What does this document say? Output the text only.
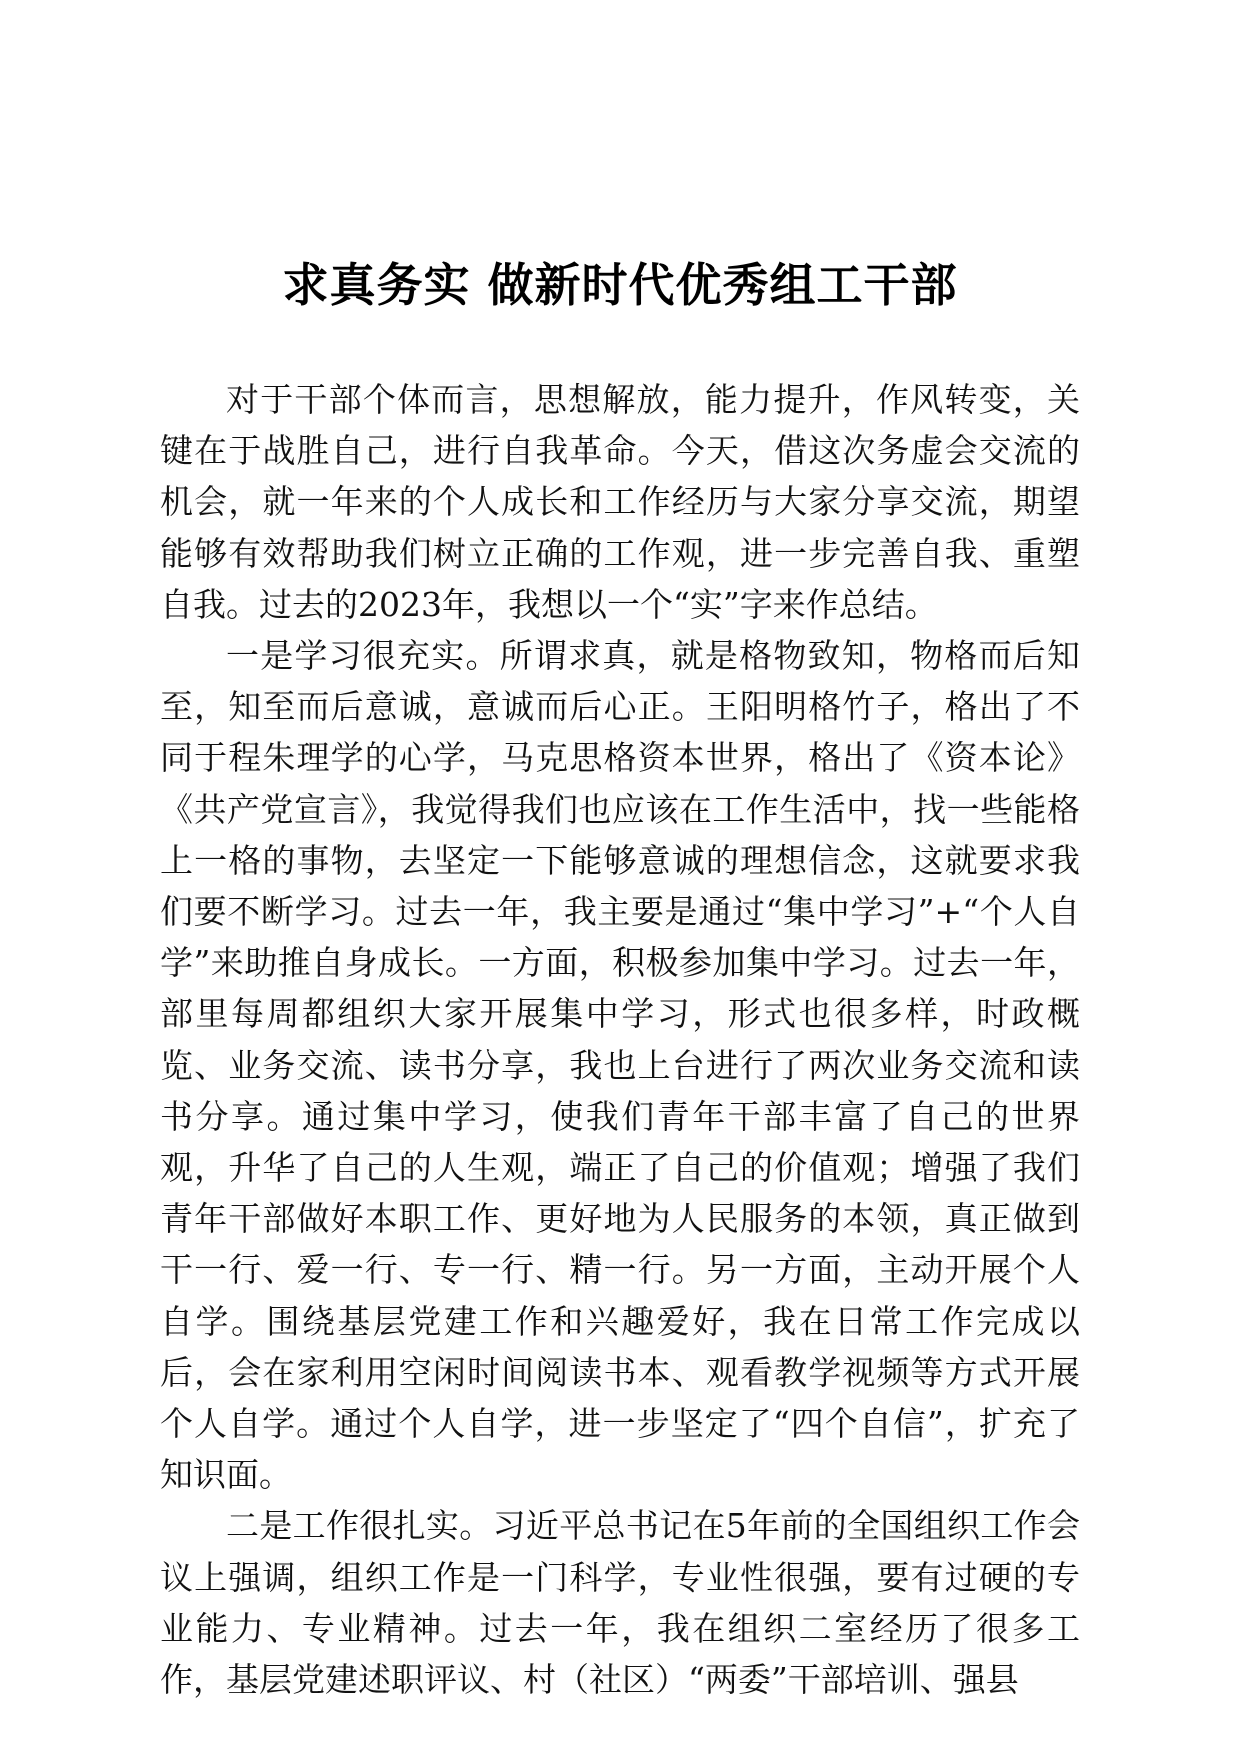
求真务实 做新时代优秀组工干部

对于干部个体而言，思想解放，能力提升，作风转变，关键在于战胜自己，进行自我革命。今天，借这次务虚会交流的机会，就一年来的个人成长和工作经历与大家分享交流，期望能够有效帮助我们树立正确的工作观，进一步完善自我、重塑自我。过去的2023年，我想以一个“实”字来作总结。

一是学习很充实。所谓求真，就是格物致知，物格而后知至，知至而后意诚，意诚而后心正。王阳明格竹子，格出了不同于程朱理学的心学，马克思格资本世界，格出了《资本论》《共产党宣言》，我觉得我们也应该在工作生活中，找一些能格上一格的事物，去坚定一下能够意诚的理想信念，这就要求我们要不断学习。过去一年，我主要是通过“集中学习”+“个人自学”来助推自身成长。一方面，积极参加集中学习。过去一年，部里每周都组织大家开展集中学习，形式也很多样，时政概览、业务交流、读书分享，我也上台进行了两次业务交流和读书分享。通过集中学习，使我们青年干部丰富了自己的世界观，升华了自己的人生观，端正了自己的价值观；增强了我们青年干部做好本职工作、更好地为人民服务的本领，真正做到干一行、爱一行、专一行、精一行。另一方面，主动开展个人自学。围绕基层党建工作和兴趣爱好，我在日常工作完成以后，会在家利用空闲时间阅读书本、观看教学视频等方式开展个人自学。通过个人自学，进一步坚定了“四个自信”，扩充了知识面。

二是工作很扎实。习近平总书记在5年前的全国组织工作会议上强调，组织工作是一门科学，专业性很强，要有过硬的专业能力、专业精神。过去一年，我在组织二室经历了很多工作，基层党建述职评议、村（社区）“两委”干部培训、强县
